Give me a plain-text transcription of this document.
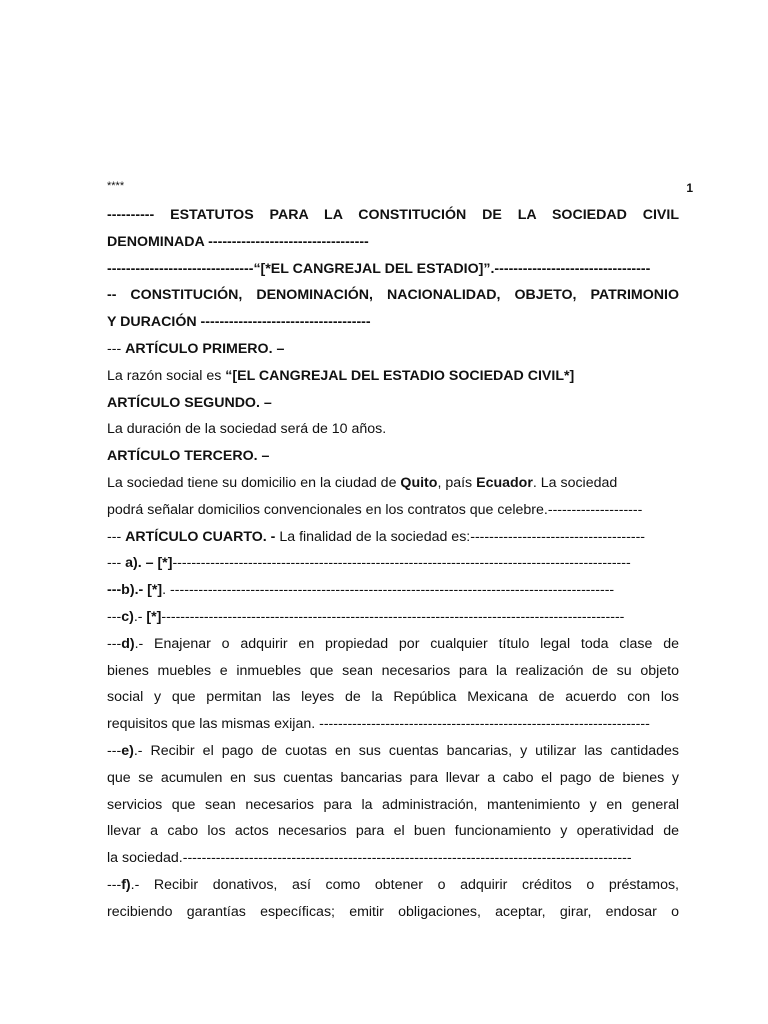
****	1
---------- ESTATUTOS PARA LA CONSTITUCIÓN DE LA SOCIEDAD CIVIL
DENOMINADA ----------------------------------
-------------------------------“[*EL CANGREJAL DEL ESTADIO]”.---------------------------------
-- CONSTITUCIÓN, DENOMINACIÓN, NACIONALIDAD, OBJETO, PATRIMONIO
Y DURACIÓN ------------------------------------
--- ARTÍCULO PRIMERO. –
La razón social es “[EL CANGREJAL DEL ESTADIO SOCIEDAD CIVIL*]
ARTÍCULO SEGUNDO. –
La duración de la sociedad será de 10 años.
ARTÍCULO TERCERO. –
La sociedad tiene su domicilio en la ciudad de Quito, país Ecuador. La sociedad
podrá señalar domicilios convencionales en los contratos que celebre.--------------------
--- ARTÍCULO CUARTO. - La finalidad de la sociedad es:-------------------------------------
--- a). – [*]-------------------------------------------------------------------------------------------------
---b).- [*]. ----------------------------------------------------------------------------------------------
---c).- [*]--------------------------------------------------------------------------------------------------
---d).- Enajenar o adquirir en propiedad por cualquier título legal toda clase de
bienes muebles e inmuebles que sean necesarios para la realización de su objeto
social y que permitan las leyes de la República Mexicana de acuerdo con los
requisitos que las mismas exijan. ----------------------------------------------------------------------
---e).- Recibir el pago de cuotas en sus cuentas bancarias, y utilizar las cantidades
que se acumulen en sus cuentas bancarias para llevar a cabo el pago de bienes y
servicios que sean necesarios para la administración, mantenimiento y en general
llevar a cabo los actos necesarios para el buen funcionamiento y operatividad de
la sociedad.-----------------------------------------------------------------------------------------------
---f).- Recibir donativos, así como obtener o adquirir créditos o préstamos,
recibiendo garantías específicas; emitir obligaciones, aceptar, girar, endosar o
